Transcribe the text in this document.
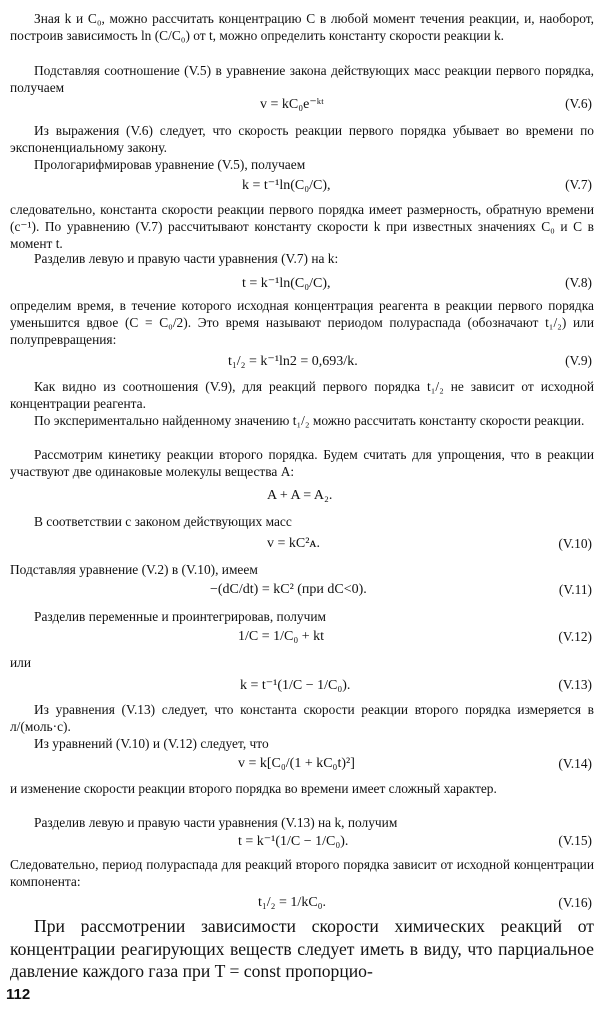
Зная k и C₀, можно рассчитать концентрацию C в любой момент течения реакции, и, наоборот, построив зависимость ln (C/C₀) от t, можно определить константу скорости реакции k.

Подставляя соотношение (V.5) в уравнение закона действующих масс реакции первого порядка, получаем

v = kC₀e⁻ᵏᵗ	(V.6)

Из выражения (V.6) следует, что скорость реакции первого порядка убывает во времени по экспоненциальному закону.

Прологарифмировав уравнение (V.5), получаем

k = t⁻¹ln(C₀/C),	(V.7)

следовательно, константа скорости реакции первого порядка имеет размерность, обратную времени (c⁻¹). По уравнению (V.7) рассчитывают константу скорости k при известных значениях C₀ и C в момент t.

Разделив левую и правую части уравнения (V.7) на k:

t = k⁻¹ln(C₀/C),	(V.8)

определим время, в течение которого исходная концентрация реагента в реакции первого порядка уменьшится вдвое (C = C₀/2). Это время называют периодом полураспада (обозначают t₁/₂) или полупревращения:

t₁/₂ = k⁻¹ln2 = 0,693/k.	(V.9)

Как видно из соотношения (V.9), для реакций первого порядка t₁/₂ не зависит от исходной концентрации реагента.

По экспериментально найденному значению t₁/₂ можно рассчитать константу скорости реакции.

Рассмотрим кинетику реакции второго порядка. Будем считать для упрощения, что в реакции участвуют две одинаковые молекулы вещества A:

A + A = A₂.

В соответствии с законом действующих масс

v = kC²ᴀ.	(V.10)

Подставляя уравнение (V.2) в (V.10), имеем

−(dC/dt) = kC² (при dC<0).	(V.11)

Разделив переменные и проинтегрировав, получим

1/C = 1/C₀ + kt	(V.12)

или

k = t⁻¹(1/C − 1/C₀).	(V.13)

Из уравнения (V.13) следует, что константа скорости реакции второго порядка измеряется в л/(моль·с).

Из уравнений (V.10) и (V.12) следует, что

v = k[C₀/(1 + kC₀t)²]	(V.14)

и изменение скорости реакции второго порядка во времени имеет сложный характер.

Разделив левую и правую части уравнения (V.13) на k, получим

t = k⁻¹(1/C − 1/C₀).	(V.15)

Следовательно, период полураспада для реакций второго порядка зависит от исходной концентрации компонента:

t₁/₂ = 1/kC₀.	(V.16)

При рассмотрении зависимости скорости химических реакций от концентрации реагирующих веществ следует иметь в виду, что парциальное давление каждого газа при T = const пропорцио-

112
